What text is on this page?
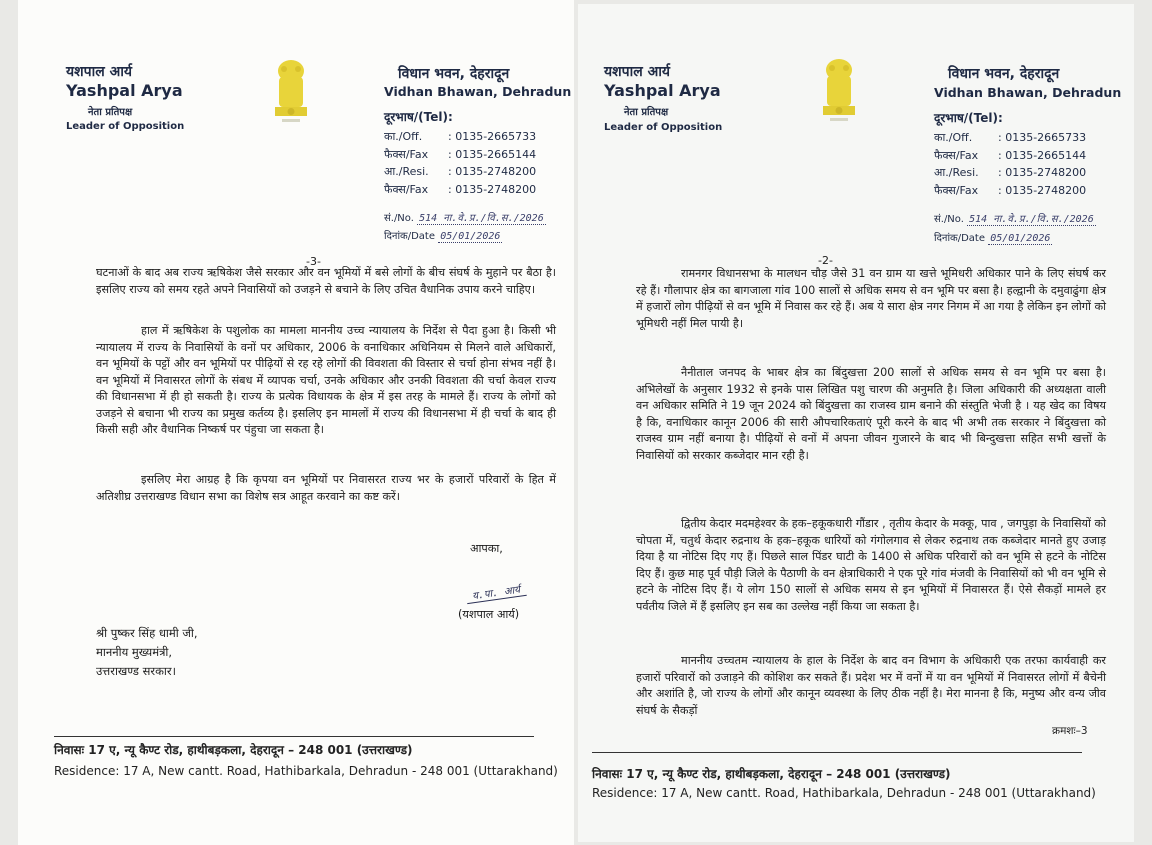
यशपाल आर्य
Yashpal Arya
नेता प्रतिपक्ष
Leader of Opposition
विधान भवन, देहरादून
Vidhan Bhawan, Dehradun
दूरभाष/(Tel):
का./Off. : 0135-2665733
फैक्स/Fax : 0135-2665144
आ./Resi. : 0135-2748200
फैक्स/Fax : 0135-2748200
सं./No. 514 ना.वे.प्र./वि.स./2026
दिनांक/Date 05/01/2026
-3-
घटनाओं के बाद अब राज्य ऋषिकेश जैसे सरकार और वन भूमियों में बसे लोगों के बीच संघर्ष के मुहाने पर बैठा है। इसलिए राज्य को समय रहते अपने निवासियों को उजड़ने से बचाने के लिए उचित वैधानिक उपाय करने चाहिए।
हाल में ऋषिकेश के पशुलोक का मामला माननीय उच्च न्यायालय के निर्देश से पैदा हुआ है। किसी भी न्यायालय में राज्य के निवासियों के वनों पर अधिकार, 2006 के वनाधिकार अधिनियम से मिलने वाले अधिकारों, वन भूमियों के पट्टों और वन भूमियों पर पीढ़ियों से रह रहे लोगों की विवशता की विस्तार से चर्चा होना संभव नहीं है। वन भूमियों में निवासरत लोगों के संबध में व्यापक चर्चा, उनके अधिकार और उनकी विवशता की चर्चा केवल राज्य की विधानसभा में ही हो सकती है। राज्य के प्रत्येक विधायक के क्षेत्र में इस तरह के मामले हैं। राज्य के लोगों को उजड़ने से बचाना भी राज्य का प्रमुख कर्तव्य है। इसलिए इन मामलों में राज्य की विधानसभा में ही चर्चा के बाद ही किसी सही और वैधानिक निष्कर्ष पर पंहुचा जा सकता है।
इसलिए मेरा आग्रह है कि कृपया वन भूमियों पर निवासरत राज्य भर के हजारों परिवारों के हित में अतिशीघ्र उत्तराखण्ड विधान सभा का विशेष सत्र आहूत करवाने का कष्ट करें।
आपका,
य.पा. आर्य
(यशपाल आर्य)
श्री पुष्कर सिंह धामी जी,
माननीय मुख्यमंत्री,
उत्तराखण्ड सरकार।
निवासः 17 ए, न्यू कैण्ट रोड, हाथीबड़कला, देहरादून – 248 001 (उत्तराखण्ड)
Residence: 17 A, New cantt. Road, Hathibarkala, Dehradun - 248 001 (Uttarakhand)
यशपाल आर्य
Yashpal Arya
नेता प्रतिपक्ष
Leader of Opposition
विधान भवन, देहरादून
Vidhan Bhawan, Dehradun
दूरभाष/(Tel):
का./Off. : 0135-2665733
फैक्स/Fax : 0135-2665144
आ./Resi. : 0135-2748200
फैक्स/Fax : 0135-2748200
सं./No. 514 ना.वे.प्र./वि.स./2026
दिनांक/Date 05/01/2026
-2-
रामनगर विधानसभा के मालधन चौड़ जैसे 31 वन ग्राम या खत्ते भूमिधरी अधिकार पाने के लिए संघर्ष कर रहे हैं। गौलापार क्षेत्र का बागजाला गांव 100 सालों से अधिक समय से वन भूमि पर बसा है। हल्द्वानी के दमुवाढुंगा क्षेत्र में हजारों लोग पीढ़ियों से वन भूमि में निवास कर रहे हैं। अब ये सारा क्षेत्र नगर निगम में आ गया है लेकिन इन लोगों को भूमिधरी नहीं मिल पायी है।
नैनीताल जनपद के भाबर क्षेत्र का बिंदुखत्ता 200 सालों से अधिक समय से वन भूमि पर बसा है। अभिलेखों के अनुसार 1932 से इनके पास लिखित पशु चारण की अनुमति है। जिला अधिकारी की अध्यक्षता वाली वन अधिकार समिति ने 19 जून 2024 को बिंदुखत्ता का राजस्व ग्राम बनाने की संस्तुति भेजी है । यह खेद का विषय है कि, वनाधिकार कानून 2006 की सारी औपचारिकताएं पूरी करने के बाद भी अभी तक सरकार ने बिंदुखत्ता को राजस्व ग्राम नहीं बनाया है। पीढ़ियों से वनों में अपना जीवन गुजारने के बाद भी बिन्दुखत्ता सहित सभी खत्तों के निवासियों को सरकार कब्जेदार मान रही है।
द्वितीय केदार मदमहेश्वर के हक–हकूकधारी गौंडार , तृतीय केदार के मक्कू, पाव , जगपुड़ा के निवासियों को चोपता में, चतुर्थ केदार रुद्रनाथ के हक–हकूक धारियों को गंगोलगाव से लेकर रुद्रनाथ तक कब्जेदार मानते हुए उजाड़ दिया है या नोटिस दिए गए हैं। पिछले साल पिंडर घाटी के 1400 से अधिक परिवारों को वन भूमि से हटने के नोटिस दिए हैं। कुछ माह पूर्व पौड़ी जिले के पैठाणी के वन क्षेत्राधिकारी ने एक पूरे गांव मंजवी के निवासियों को भी वन भूमि से हटने के नोटिस दिए हैं। ये लोग 150 सालों से अधिक समय से इन भूमियों में निवासरत हैं। ऐसे सैकड़ों मामले हर पर्वतीय जिले में हैं इसलिए इन सब का उल्लेख नहीं किया जा सकता है।
माननीय उच्चतम न्यायालय के हाल के निर्देश के बाद वन विभाग के अधिकारी एक तरफा कार्यवाही कर हजारों परिवारों को उजाड़ने की कोशिश कर सकते हैं। प्रदेश भर में वनों में या वन भूमियों में निवासरत लोगों में बैचेनी और अशांति है, जो राज्य के लोगों और कानून व्यवस्था के लिए ठीक नहीं है। मेरा मानना है कि, मनुष्य और वन्य जीव संघर्ष के सैकड़ों
क्रमशः–3
निवासः 17 ए, न्यू कैण्ट रोड, हाथीबड़कला, देहरादून – 248 001 (उत्तराखण्ड)
Residence: 17 A, New cantt. Road, Hathibarkala, Dehradun - 248 001 (Uttarakhand)
